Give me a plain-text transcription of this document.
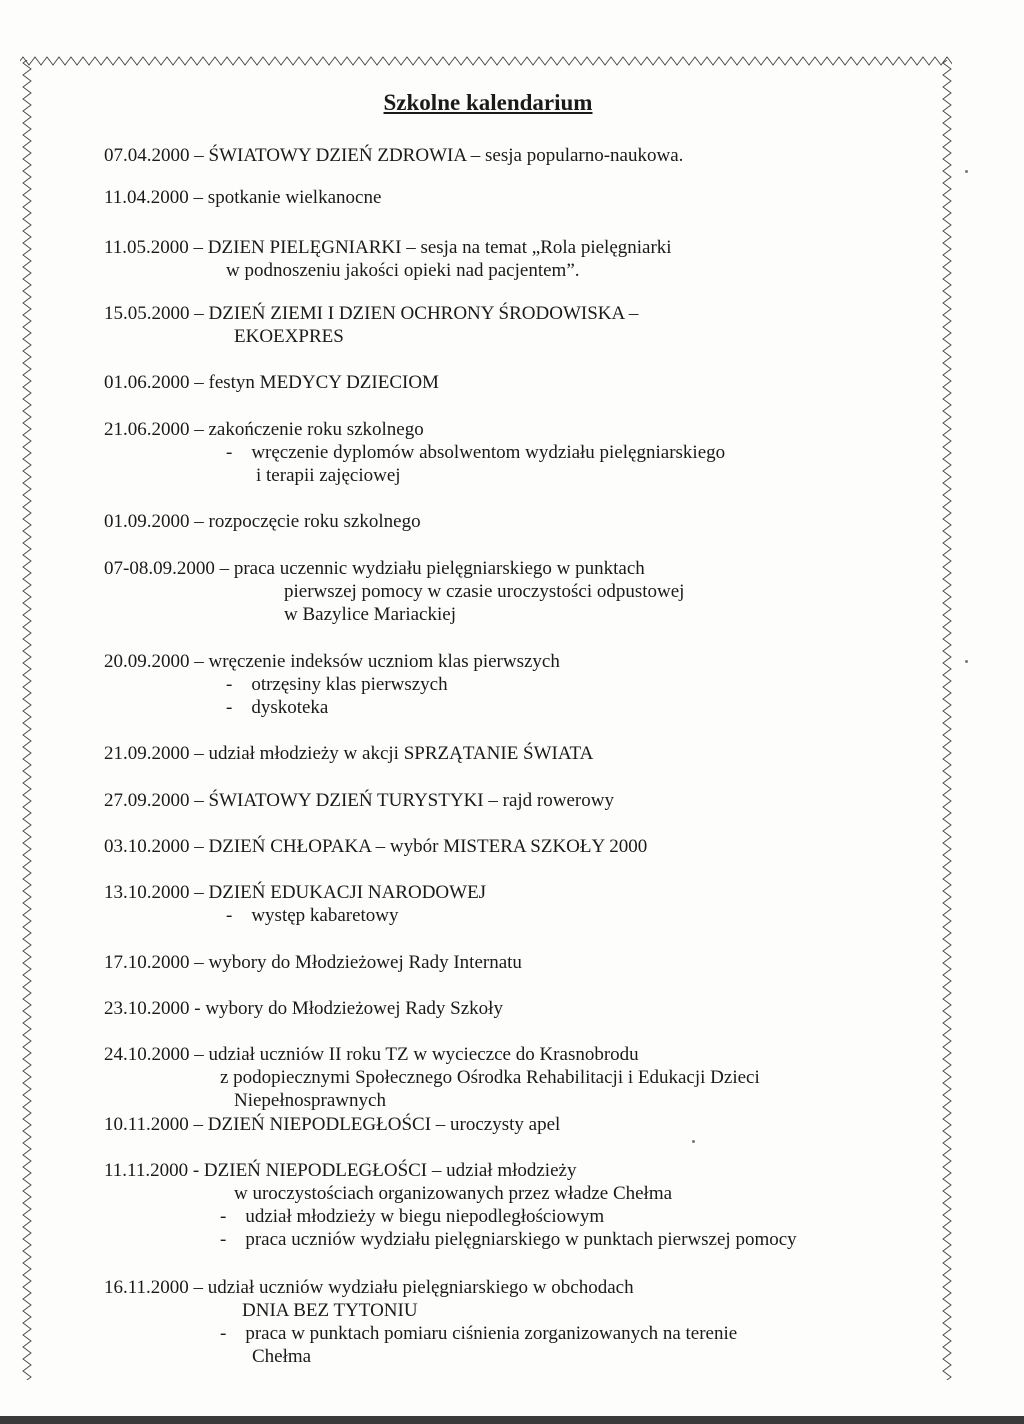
Szkolne kalendarium
07.04.2000 – ŚWIATOWY DZIEŃ ZDROWIA – sesja popularno-naukowa.
11.04.2000 – spotkanie wielkanocne
11.05.2000 – DZIEN PIELĘGNIARKI – sesja na temat „Rola pielęgniarki
w podnoszeniu jakości opieki nad pacjentem”.
15.05.2000 – DZIEŃ ZIEMI I DZIEN OCHRONY ŚRODOWISKA –
EKOEXPRES
01.06.2000 – festyn MEDYCY DZIECIOM
21.06.2000 – zakończenie roku szkolnego
-    wręczenie dyplomów absolwentom wydziału pielęgniarskiego
i terapii zajęciowej
01.09.2000 – rozpoczęcie roku szkolnego
07-08.09.2000 – praca uczennic wydziału pielęgniarskiego w punktach
pierwszej pomocy w czasie uroczystości odpustowej
w Bazylice Mariackiej
20.09.2000 – wręczenie indeksów uczniom klas pierwszych
-    otrzęsiny klas pierwszych
-    dyskoteka
21.09.2000 – udział młodzieży w akcji SPRZĄTANIE ŚWIATA
27.09.2000 – ŚWIATOWY DZIEŃ TURYSTYKI – rajd rowerowy
03.10.2000 – DZIEŃ CHŁOPAKA – wybór MISTERA SZKOŁY 2000
13.10.2000 – DZIEŃ EDUKACJI NARODOWEJ
-    występ kabaretowy
17.10.2000 – wybory do Młodzieżowej Rady Internatu
23.10.2000 - wybory do Młodzieżowej Rady Szkoły
24.10.2000 – udział uczniów II roku TZ w wycieczce do Krasnobrodu
z podopiecznymi Społecznego Ośrodka Rehabilitacji i Edukacji Dzieci
Niepełnosprawnych
10.11.2000 – DZIEŃ NIEPODLEGŁOŚCI – uroczysty apel
11.11.2000 - DZIEŃ NIEPODLEGŁOŚCI – udział młodzieży
w uroczystościach organizowanych przez władze Chełma
-    udział młodzieży w biegu niepodległościowym
-    praca uczniów wydziału pielęgniarskiego w punktach pierwszej pomocy
16.11.2000 – udział uczniów wydziału pielęgniarskiego w obchodach
DNIA BEZ TYTONIU
-    praca w punktach pomiaru ciśnienia zorganizowanych na terenie
Chełma
